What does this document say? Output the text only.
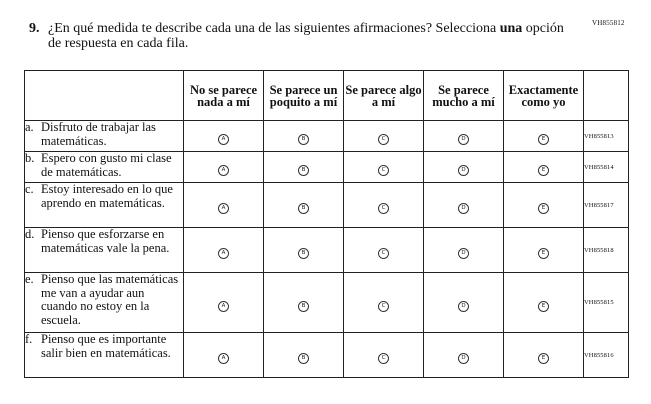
VH855812
9. ¿En qué medida te describe cada una de las siguientes afirmaciones? Selecciona una opción de respuesta en cada fila.
	No se parece nada a mí	Se parece un poquito a mí	Se parece algo a mí	Se parece mucho a mí	Exactamente como yo	

a. Disfruto de trabajar las matemáticas.	A	B	C	D	E	VH855813

b. Espero con gusto mi clase de matemáticas.	A	B	C	D	E	VH855814

c. Estoy interesado en lo que aprendo en matemáticas.	A	B	C	D	E	VH855817

d. Pienso que esforzarse en matemáticas vale la pena.	A	B	C	D	E	VH855818

e. Pienso que las matemáticas me van a ayudar aun cuando no estoy en la escuela.	A	B	C	D	E	VH855815

f. Pienso que es importante salir bien en matemáticas.	A	B	C	D	E	VH855816
